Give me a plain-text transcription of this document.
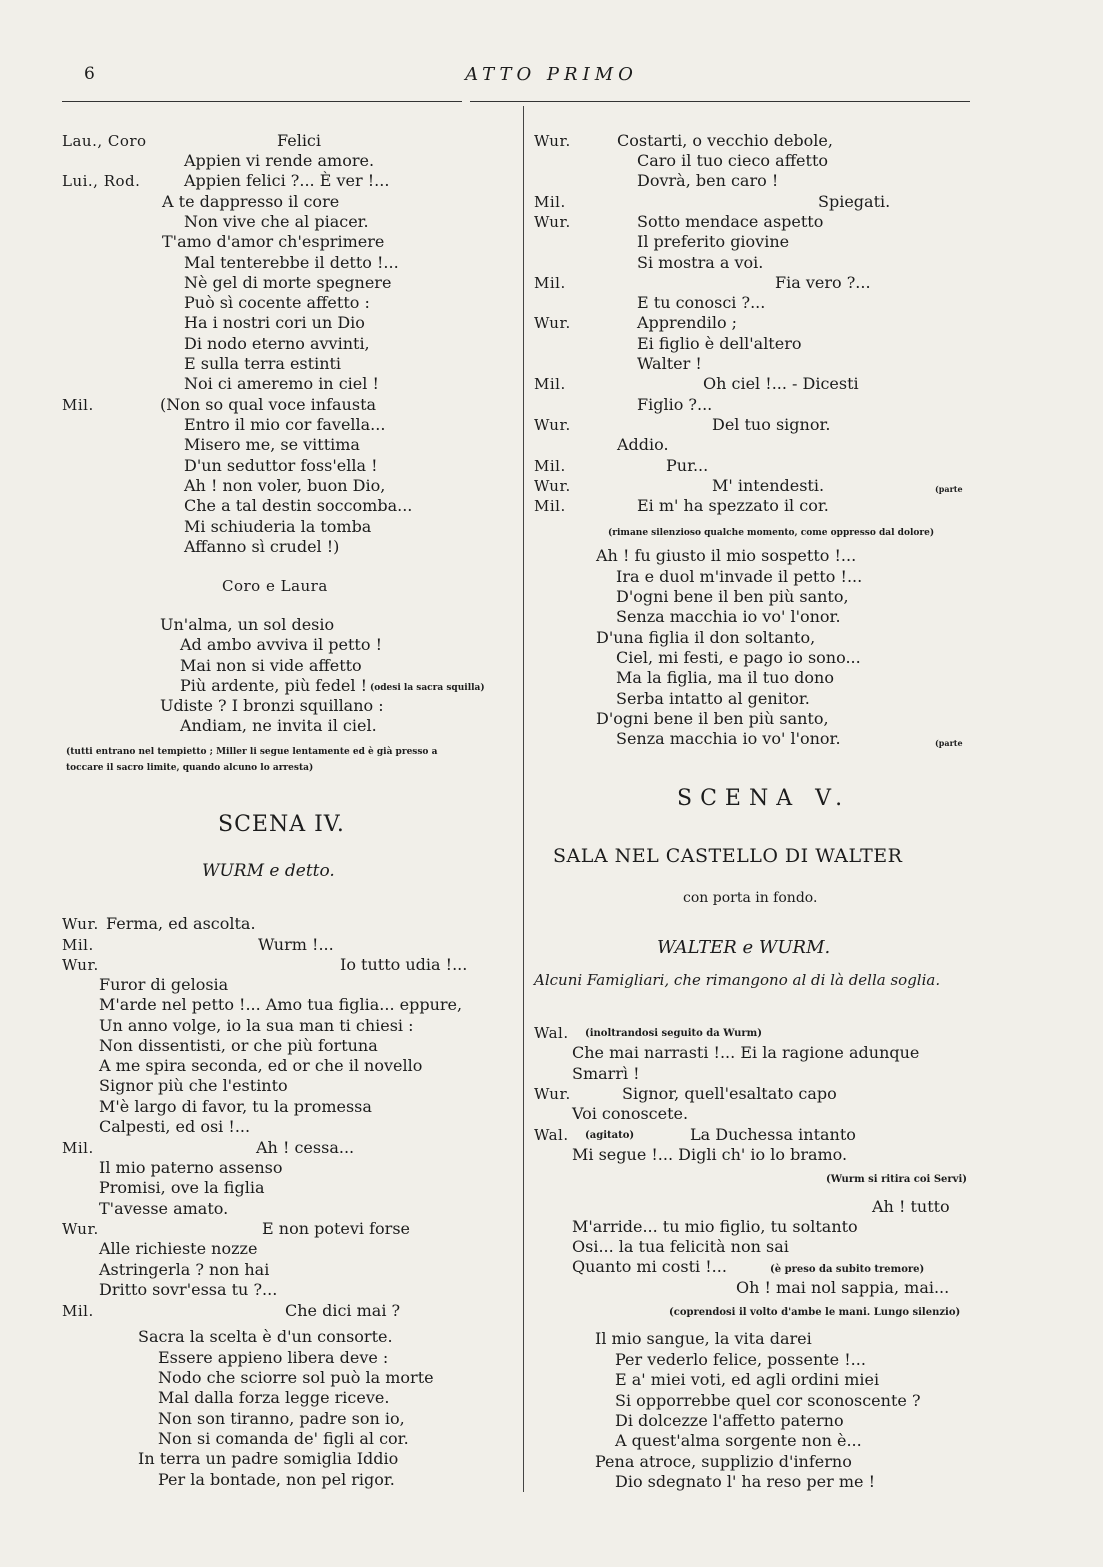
6	ATTO PRIMO
Lau., Coro	Felici
Appien vi rende amore.
Lui., Rod.	Appien felici ?... È ver !...
A te dappresso il core
Non vive che al piacer.
T'amo d'amor ch'esprimere
Mal tenterebbe il detto !...
Nè gel di morte spegnere
Può sì cocente affetto :
Ha i nostri cori un Dio
Di nodo eterno avvinti,
E sulla terra estinti
Noi ci ameremo in ciel !
Mil.	(Non so qual voce infausta
Entro il mio cor favella...
Misero me, se vittima
D'un seduttor foss'ella !
Ah ! non voler, buon Dio,
Che a tal destin soccomba...
Mi schiuderia la tomba
Affanno sì crudel !)
Coro e Laura
Un'alma, un sol desio
Ad ambo avviva il petto !
Mai non si vide affetto
Più ardente, più fedel ! (odesi la sacra squilla)
Udiste ? I bronzi squillano :
Andiam, ne invita il ciel.
(tutti entrano nel tempietto ; Miller li segue lentamente ed è già presso a
toccare il sacro limite, quando alcuno lo arresta)
SCENA IV.
WURM e detto.
Wur. Ferma, ed ascolta.
Mil.	Wurm !...
Wur.	Io tutto udia !...
Furor di gelosia
M'arde nel petto !... Amo tua figlia... eppure,
Un anno volge, io la sua man ti chiesi :
Non dissentisti, or che più fortuna
A me spira seconda, ed or che il novello
Signor più che l'estinto
M'è largo di favor, tu la promessa
Calpesti, ed osi !...
Mil.	Ah ! cessa...
Il mio paterno assenso
Promisi, ove la figlia
T'avesse amato.
Wur.	E non potevi forse
Alle richieste nozze
Astringerla ? non hai
Dritto sovr'essa tu ?...
Mil.	Che dici mai ?
Sacra la scelta è d'un consorte.
Essere appieno libera deve :
Nodo che sciorre sol può la morte
Mal dalla forza legge riceve.
Non son tiranno, padre son io,
Non si comanda de' figli al cor.
In terra un padre somiglia Iddio
Per la bontade, non pel rigor.
Wur.	Costarti, o vecchio debole,
Caro il tuo cieco affetto
Dovrà, ben caro !
Mil.	Spiegati.
Wur.	Sotto mendace aspetto
Il preferito giovine
Si mostra a voi.
Mil.	Fia vero ?...
E tu conosci ?...
Wur.	Apprendilo ;
Ei figlio è dell'altero
Walter !
Mil.	Oh ciel !... - Dicesti
Figlio ?...
Wur.	Del tuo signor.
Addio.
Mil.	Pur...
Wur.	M' intendesti.	(parte
Mil.	Ei m' ha spezzato il cor.
(rimane silenzioso qualche momento, come oppresso dal dolore)
Ah ! fu giusto il mio sospetto !...
Ira e duol m'invade il petto !...
D'ogni bene il ben più santo,
Senza macchia io vo' l'onor.
D'una figlia il don soltanto,
Ciel, mi festi, e pago io sono...
Ma la figlia, ma il tuo dono
Serba intatto al genitor.
D'ogni bene il ben più santo,
Senza macchia io vo' l'onor.	(parte
SCENA V.
SALA NEL CASTELLO DI WALTER
con porta in fondo.
WALTER e WURM.
Alcuni Famigliari, che rimangono al di là della soglia.
Wal. (inoltrandosi seguito da Wurm)
Che mai narrasti !... Ei la ragione adunque
Smarrì !
Wur.	Signor, quell'esaltato capo
Voi conoscete.
Wal. (agitato)	La Duchessa intanto
Mi segue !... Digli ch' io lo bramo.
(Wurm si ritira coi Servi)
Ah ! tutto
M'arride... tu mio figlio, tu soltanto
Osi... la tua felicità non sai
Quanto mi costi !...	(è preso da subito tremore)
Oh ! mai nol sappia, mai...
(coprendosi il volto d'ambe le mani. Lungo silenzio)
Il mio sangue, la vita darei
Per vederlo felice, possente !...
E a' miei voti, ed agli ordini miei
Si opporrebbe quel cor sconoscente ?
Di dolcezze l'affetto paterno
A quest'alma sorgente non è...
Pena atroce, supplizio d'inferno
Dio sdegnato l' ha reso per me !
